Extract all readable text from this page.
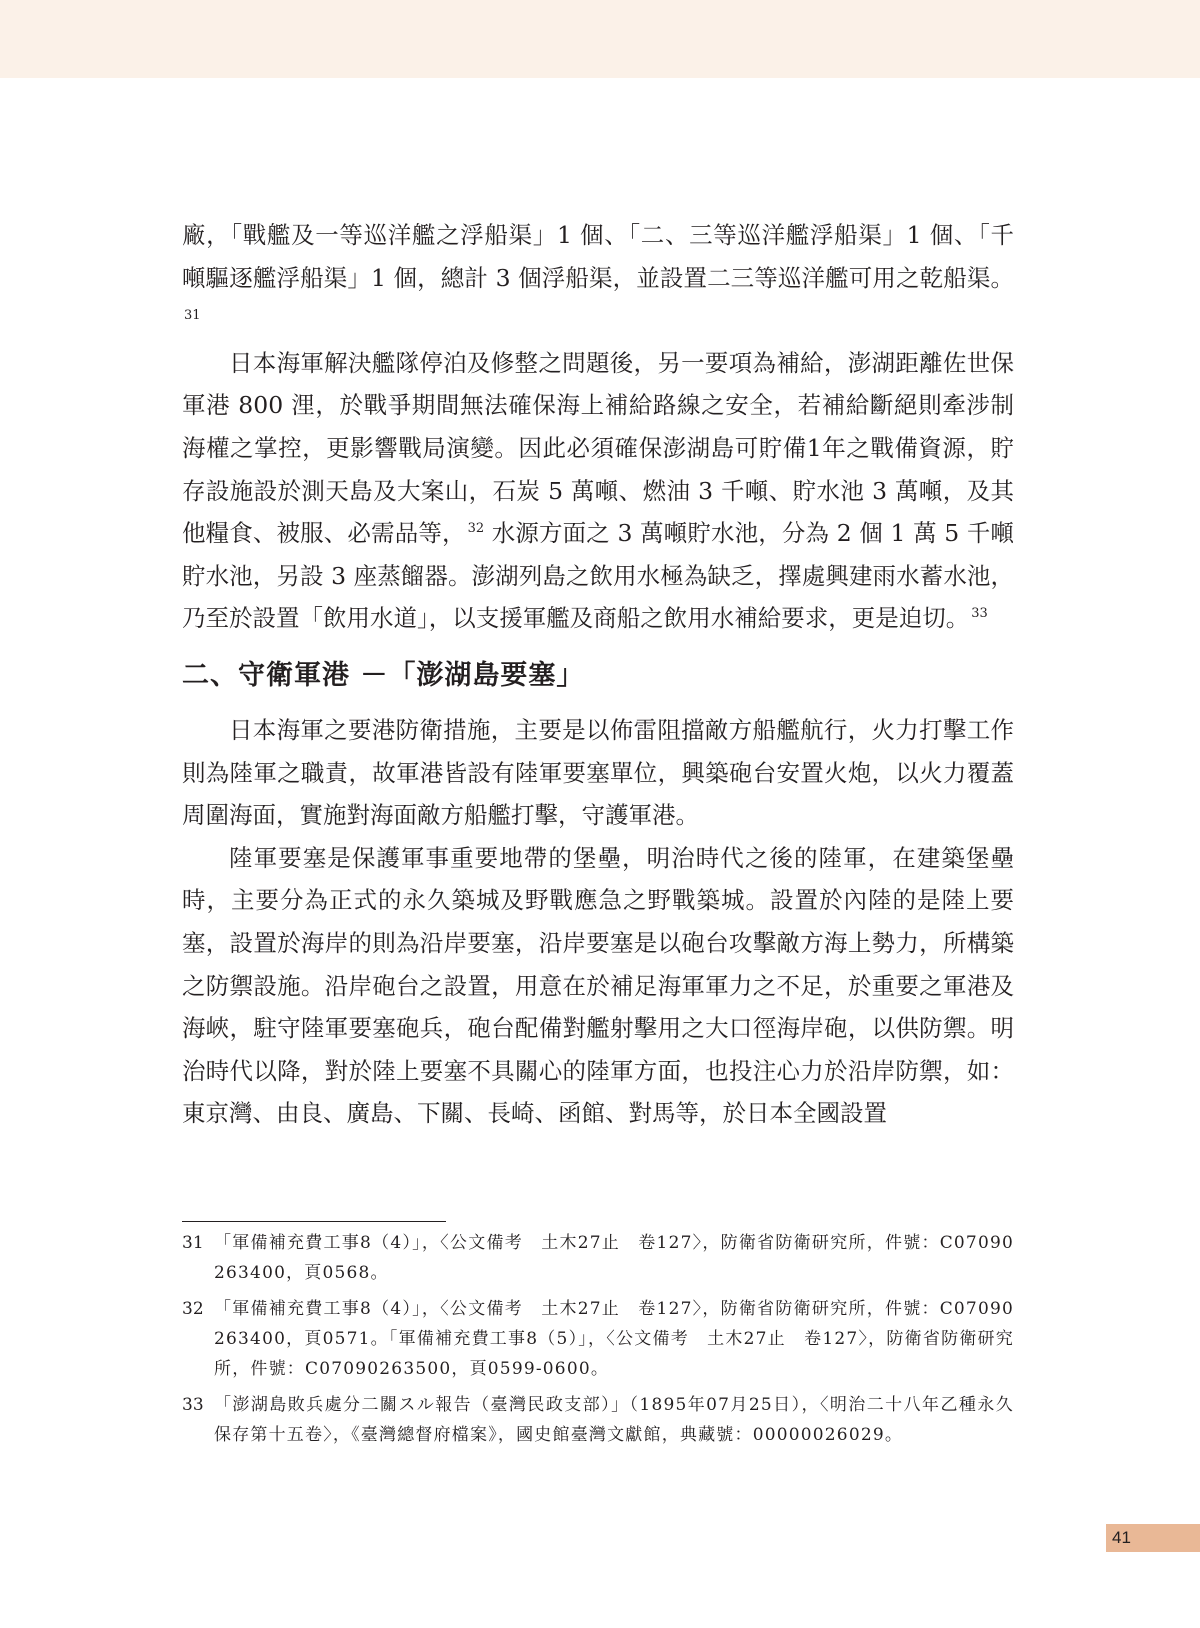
廠，「戰艦及一等巡洋艦之浮船渠」1 個、「二、三等巡洋艦浮船渠」1 個、「千噸驅逐艦浮船渠」1 個，總計 3 個浮船渠，並設置二三等巡洋艦可用之乾船渠。$^{31}$

日本海軍解決艦隊停泊及修整之問題後，另一要項為補給，澎湖距離佐世保軍港 800 浬，於戰爭期間無法確保海上補給路線之安全，若補給斷絕則牽涉制海權之掌控，更影響戰局演變。因此必須確保澎湖島可貯備1年之戰備資源，貯存設施設於測天島及大案山，石炭 5 萬噸、燃油 3 千噸、貯水池 3 萬噸，及其他糧食、被服、必需品等， $^{32}$ 水源方面之 3 萬噸貯水池，分為 2 個 1 萬 5 千噸貯水池，另設 3 座蒸餾器。澎湖列島之飲用水極為缺乏，擇處興建雨水蓄水池，乃至於設置「飲用水道」，以支援軍艦及商船之飲用水補給要求，更是迫切。 $^{33}$

二、守衛軍港 －「澎湖島要塞」

日本海軍之要港防衛措施，主要是以佈雷阻擋敵方船艦航行，火力打擊工作則為陸軍之職責，故軍港皆設有陸軍要塞單位，興築砲台安置火炮，以火力覆蓋周圍海面，實施對海面敵方船艦打擊，守護軍港。

陸軍要塞是保護軍事重要地帶的堡壘，明治時代之後的陸軍，在建築堡壘時，主要分為正式的永久築城及野戰應急之野戰築城。設置於內陸的是陸上要塞，設置於海岸的則為沿岸要塞，沿岸要塞是以砲台攻擊敵方海上勢力，所構築之防禦設施。沿岸砲台之設置，用意在於補足海軍軍力之不足，於重要之軍港及海峽，駐守陸軍要塞砲兵，砲台配備對艦射擊用之大口徑海岸砲，以供防禦。明治時代以降，對於陸上要塞不具關心的陸軍方面，也投注心力於沿岸防禦，如：東京灣、由良、廣島、下關、長崎、函館、對馬等，於日本全國設置

31 「軍備補充費工事8（4）」，〈公文備考　土木27止　卷127〉，防衛省防衛研究所，件號：C07090263400，頁0568。
32 「軍備補充費工事8（4）」，〈公文備考　土木27止　卷127〉，防衛省防衛研究所，件號：C07090263400，頁0571。「軍備補充費工事8（5）」，〈公文備考　土木27止　卷127〉，防衛省防衛研究所，件號：C07090263500，頁0599-0600。
33 「澎湖島敗兵處分二關スル報告（臺灣民政支部）」（1895年07月25日），〈明治二十八年乙種永久保存第十五卷〉，《臺灣總督府檔案》，國史館臺灣文獻館，典藏號：00000026029。
41
